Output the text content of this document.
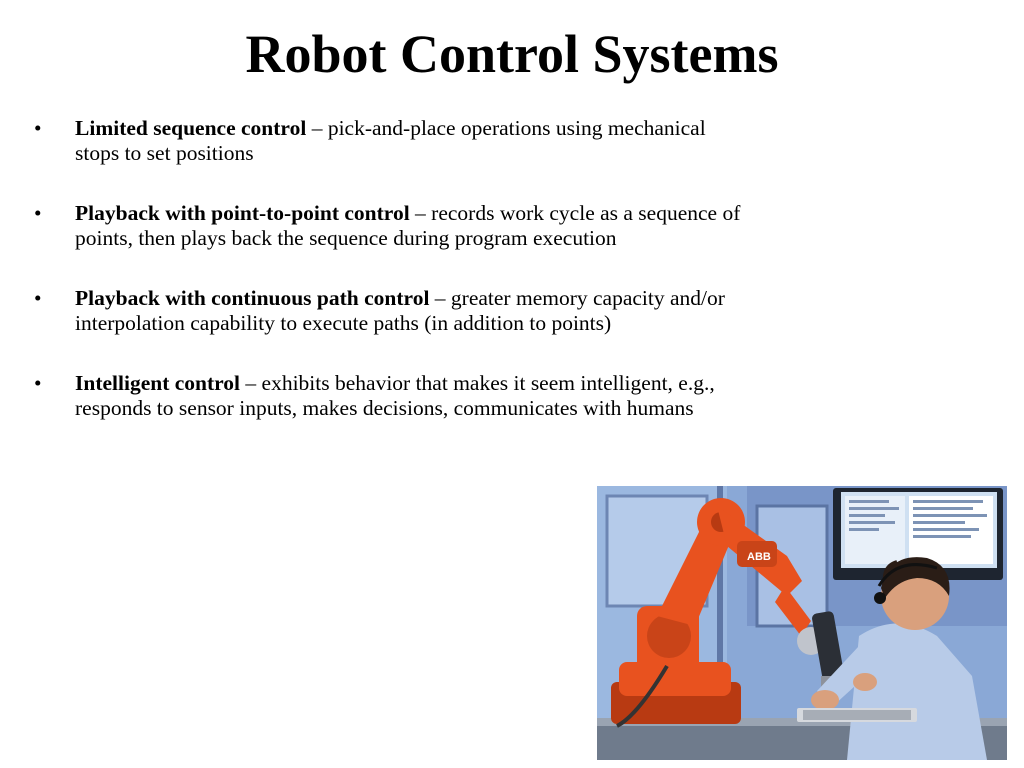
Robot Control Systems
• Limited sequence control – pick-and-place operations using mechanical stops to set positions
• Playback with point-to-point control – records work cycle as a sequence of points, then plays back the sequence during program execution
• Playback with continuous path control – greater memory capacity and/or interpolation capability to execute paths (in addition to points)
• Intelligent control – exhibits behavior that makes it seem intelligent, e.g., responds to sensor inputs, makes decisions, communicates with humans
ABB
